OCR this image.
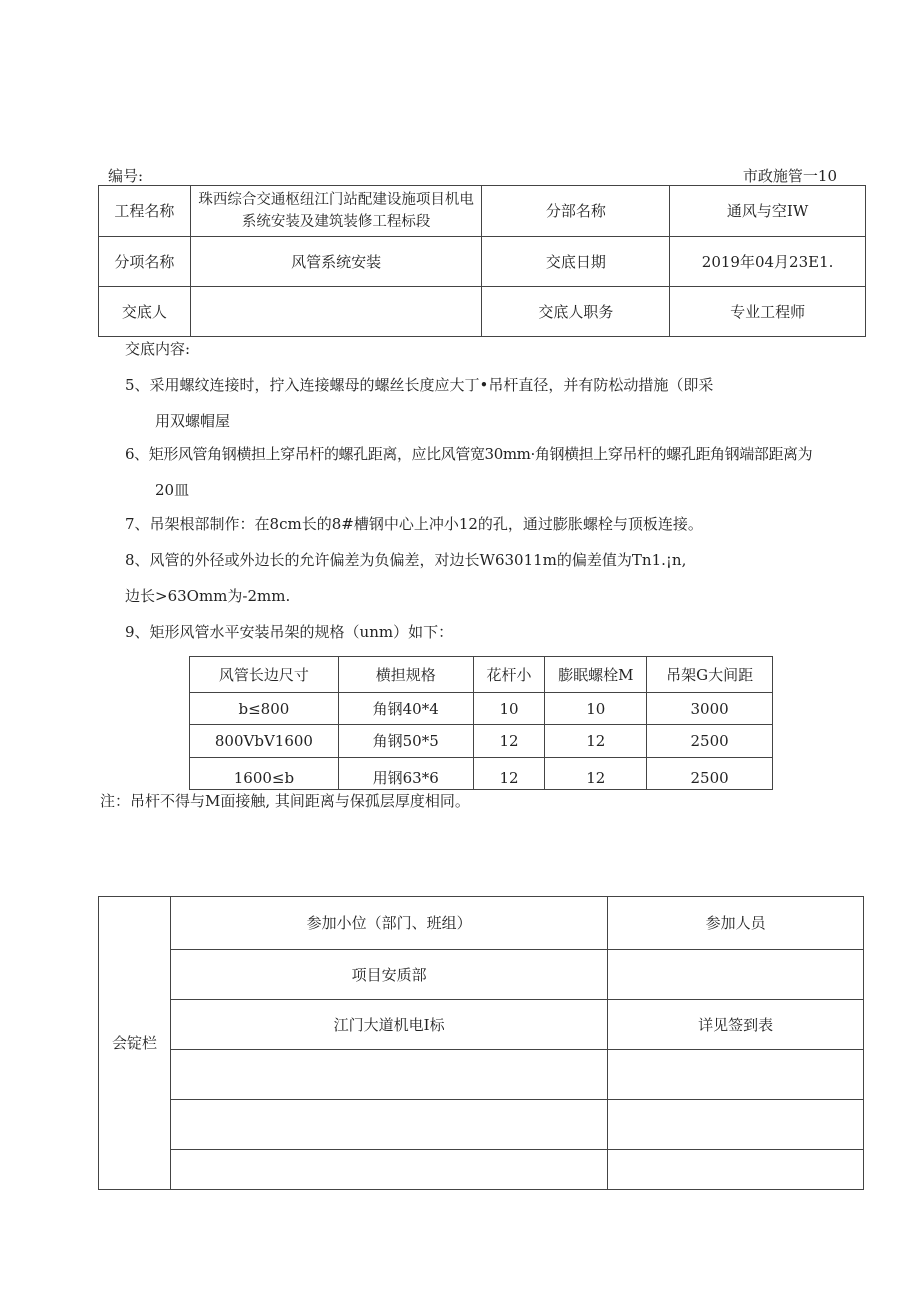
编号:	市政施管一10
工程名称	珠西综合交通枢纽江门站配建设施项目机电系统安装及建筑装修工程标段	分部名称	通风与空IW
分项名称	风管系统安装	交底日期	2019年04月23E1.
交底人		交底人职务	专业工程师
交底内容:
5、采用螺纹连接时，拧入连接螺母的螺丝长度应大丁•吊杆直径，并有防松动措施（即采
用双螺帽屋
6、矩形风管角钢横担上穿吊杆的螺孔距离，应比风管宽30mm·角钢横担上穿吊杆的螺孔距角钢端部距离为
20皿
7、吊架根部制作：在8cm长的8#槽钢中心上冲小12的孔，通过膨胀螺栓与顶板连接。
8、风管的外径或外边长的允许偏差为负偏差，对边长W63011m的偏差值为Tn1.¡n,
边长>63Omm为-2mm.
9、矩形风管水平安装吊架的规格（unm）如下：
风管长边尺寸	横担规格	花杆小	膨眠螺栓M	吊架G大间距
b≤800	角钢40*4	10	10	3000
800VbV1600	角钢50*5	12	12	2500
1600≤b	用钢63*6	12	12	2500
注：吊杆不得与M面接触, 其间距离与保孤层厚度相同。
会锭栏	参加小位（部门、班组）	参加人员
	项目安质部	
	江门大道机电I标	详见签到表
